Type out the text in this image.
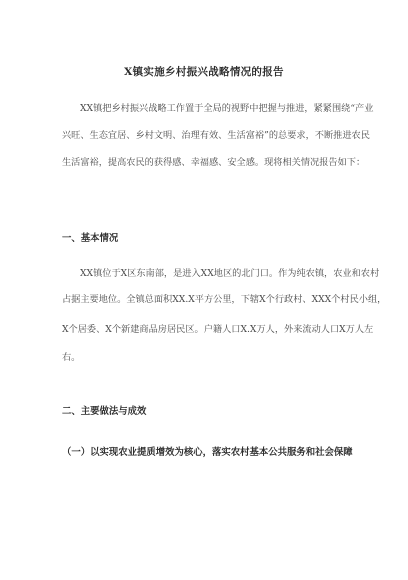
X镇实施乡村振兴战略情况的报告
XX镇把乡村振兴战略工作置于全局的视野中把握与推进，紧紧围绕“产业
兴旺、生态宜居、乡村文明、治理有效、生活富裕”的总要求，不断推进农民
生活富裕，提高农民的获得感、幸福感、安全感。现将相关情况报告如下：
一、基本情况
XX镇位于X区东南部，是进入XX地区的北门口。作为纯农镇，农业和农村
占据主要地位。全镇总面积XX.X平方公里，下辖X个行政村、XXX个村民小组，
X个居委、X个新建商品房居民区。户籍人口X.X万人，外来流动人口X万人左
右。
二、主要做法与成效
（一）以实现农业提质增效为核心，落实农村基本公共服务和社会保障
